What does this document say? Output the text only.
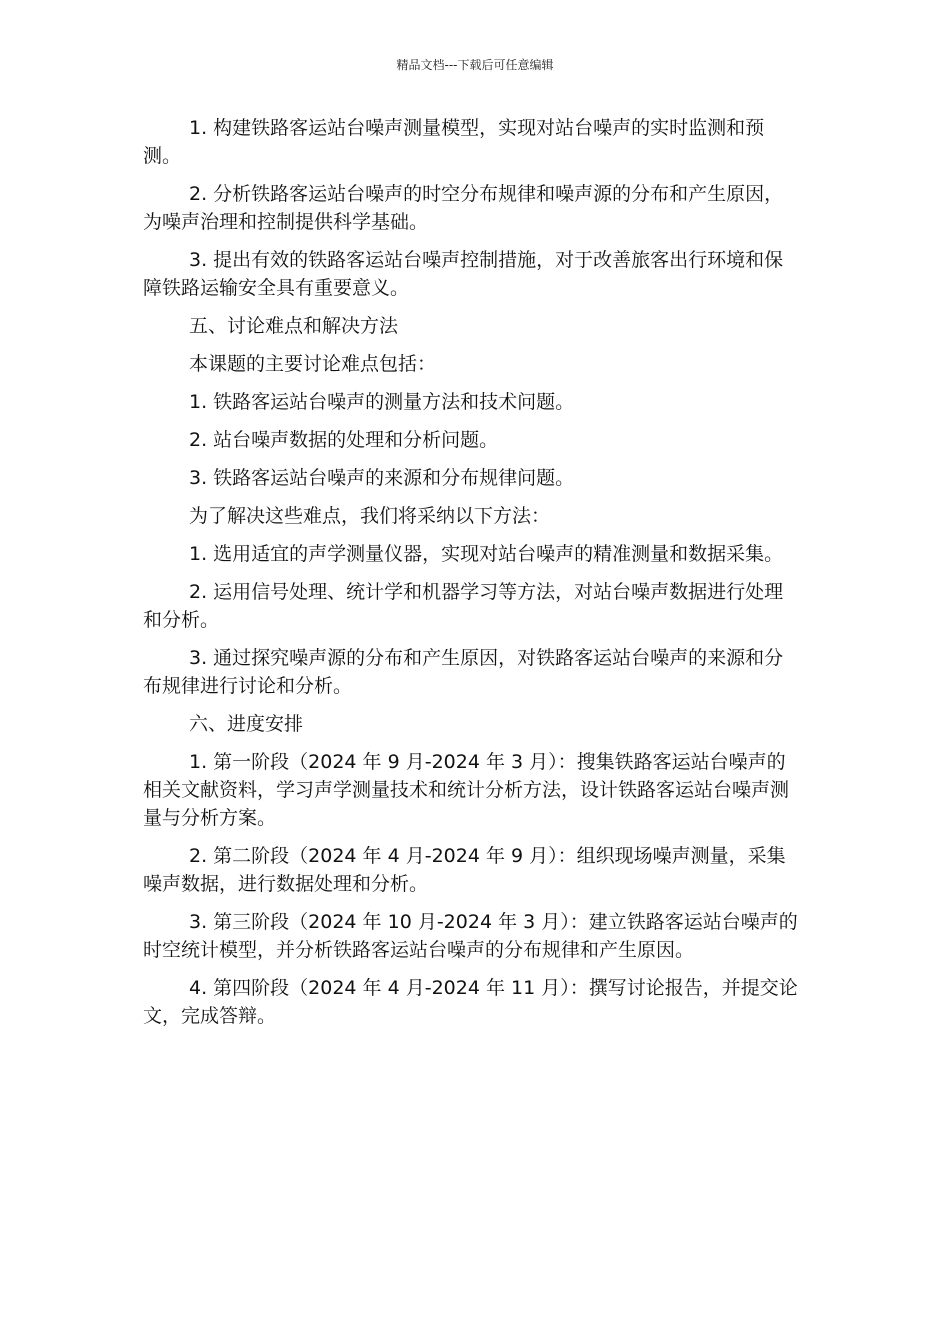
精品文档---下载后可任意编辑

1. 构建铁路客运站台噪声测量模型，实现对站台噪声的实时监测和预测。

2. 分析铁路客运站台噪声的时空分布规律和噪声源的分布和产生原因，为噪声治理和控制提供科学基础。

3. 提出有效的铁路客运站台噪声控制措施，对于改善旅客出行环境和保障铁路运输安全具有重要意义。

五、讨论难点和解决方法

本课题的主要讨论难点包括：

1. 铁路客运站台噪声的测量方法和技术问题。

2. 站台噪声数据的处理和分析问题。

3. 铁路客运站台噪声的来源和分布规律问题。

为了解决这些难点，我们将采纳以下方法：

1. 选用适宜的声学测量仪器，实现对站台噪声的精准测量和数据采集。

2. 运用信号处理、统计学和机器学习等方法，对站台噪声数据进行处理和分析。

3. 通过探究噪声源的分布和产生原因，对铁路客运站台噪声的来源和分布规律进行讨论和分析。

六、进度安排

1. 第一阶段（2024 年 9 月-2024 年 3 月）：搜集铁路客运站台噪声的相关文献资料，学习声学测量技术和统计分析方法，设计铁路客运站台噪声测量与分析方案。

2. 第二阶段（2024 年 4 月-2024 年 9 月）：组织现场噪声测量，采集噪声数据，进行数据处理和分析。

3. 第三阶段（2024 年 10 月-2024 年 3 月）：建立铁路客运站台噪声的时空统计模型，并分析铁路客运站台噪声的分布规律和产生原因。

4. 第四阶段（2024 年 4 月-2024 年 11 月）：撰写讨论报告，并提交论文，完成答辩。
